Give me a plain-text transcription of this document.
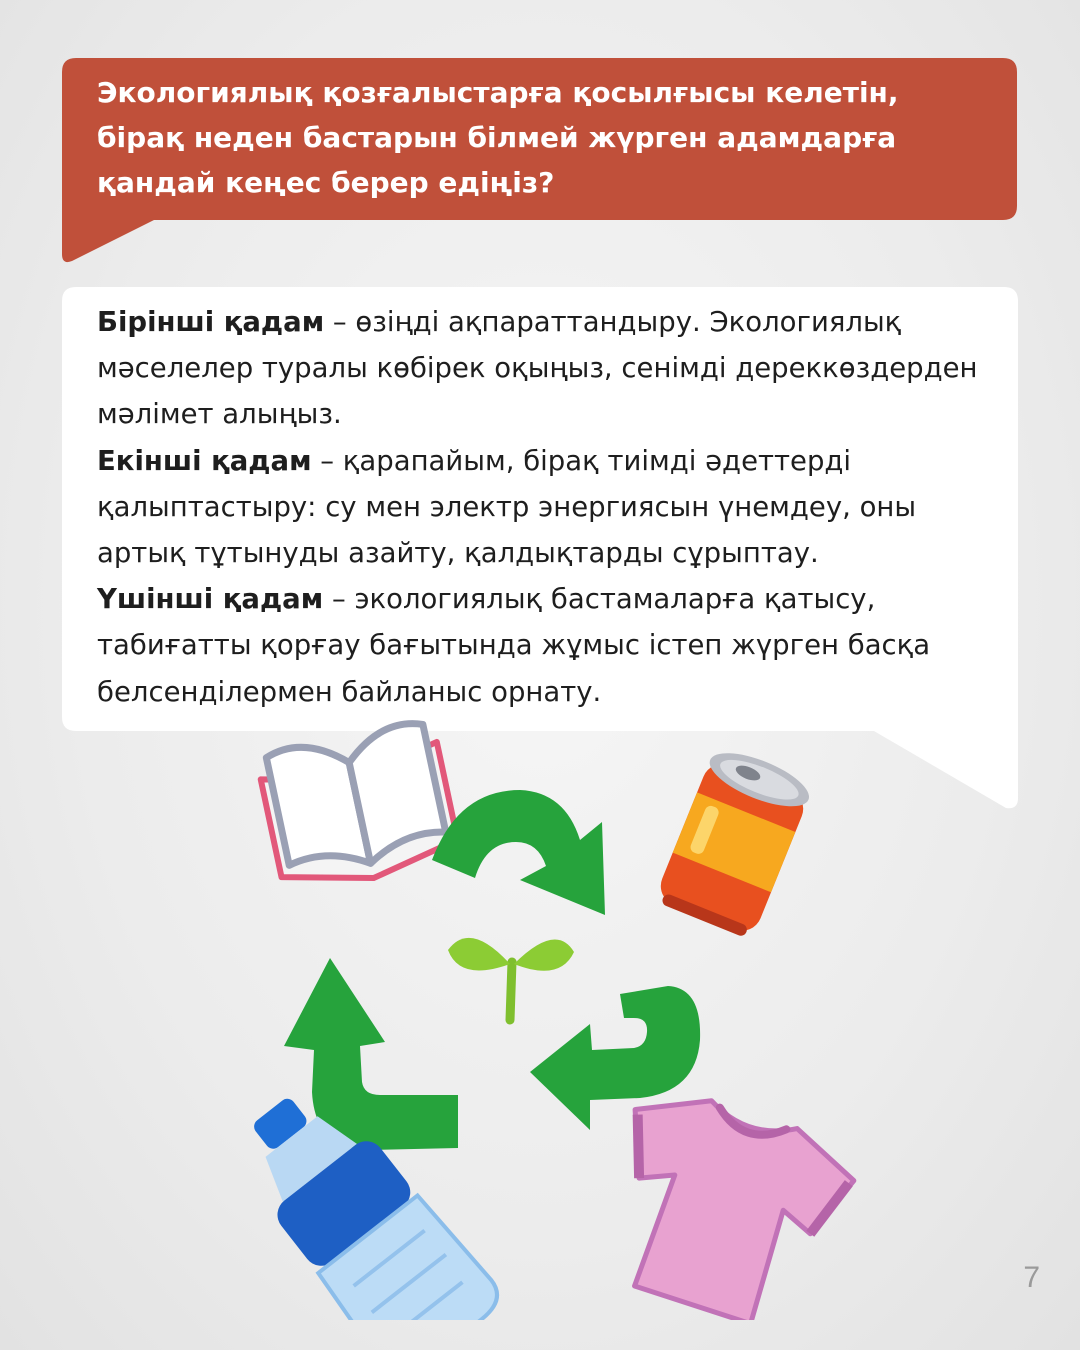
Экологиялық қозғалыстарға қосылғысы келетін, бірақ неден бастарын білмей жүрген адамдарға қандай кеңес берер едіңіз?
Бірінші қадам – өзіңді ақпараттандыру. Экологиялық мәселелер туралы көбірек оқыңыз, сенімді дереккөздерден мәлімет алыңыз.
Екінші қадам – қарапайым, бірақ тиімді әдеттерді қалыптастыру: су мен электр энергиясын үнемдеу, оны артық тұтынуды азайту, қалдықтарды сұрыптау.
Үшінші қадам – экологиялық бастамаларға қатысу, табиғатты қорғау бағытында жұмыс істеп жүрген басқа белсенділермен байланыс орнату.
7
